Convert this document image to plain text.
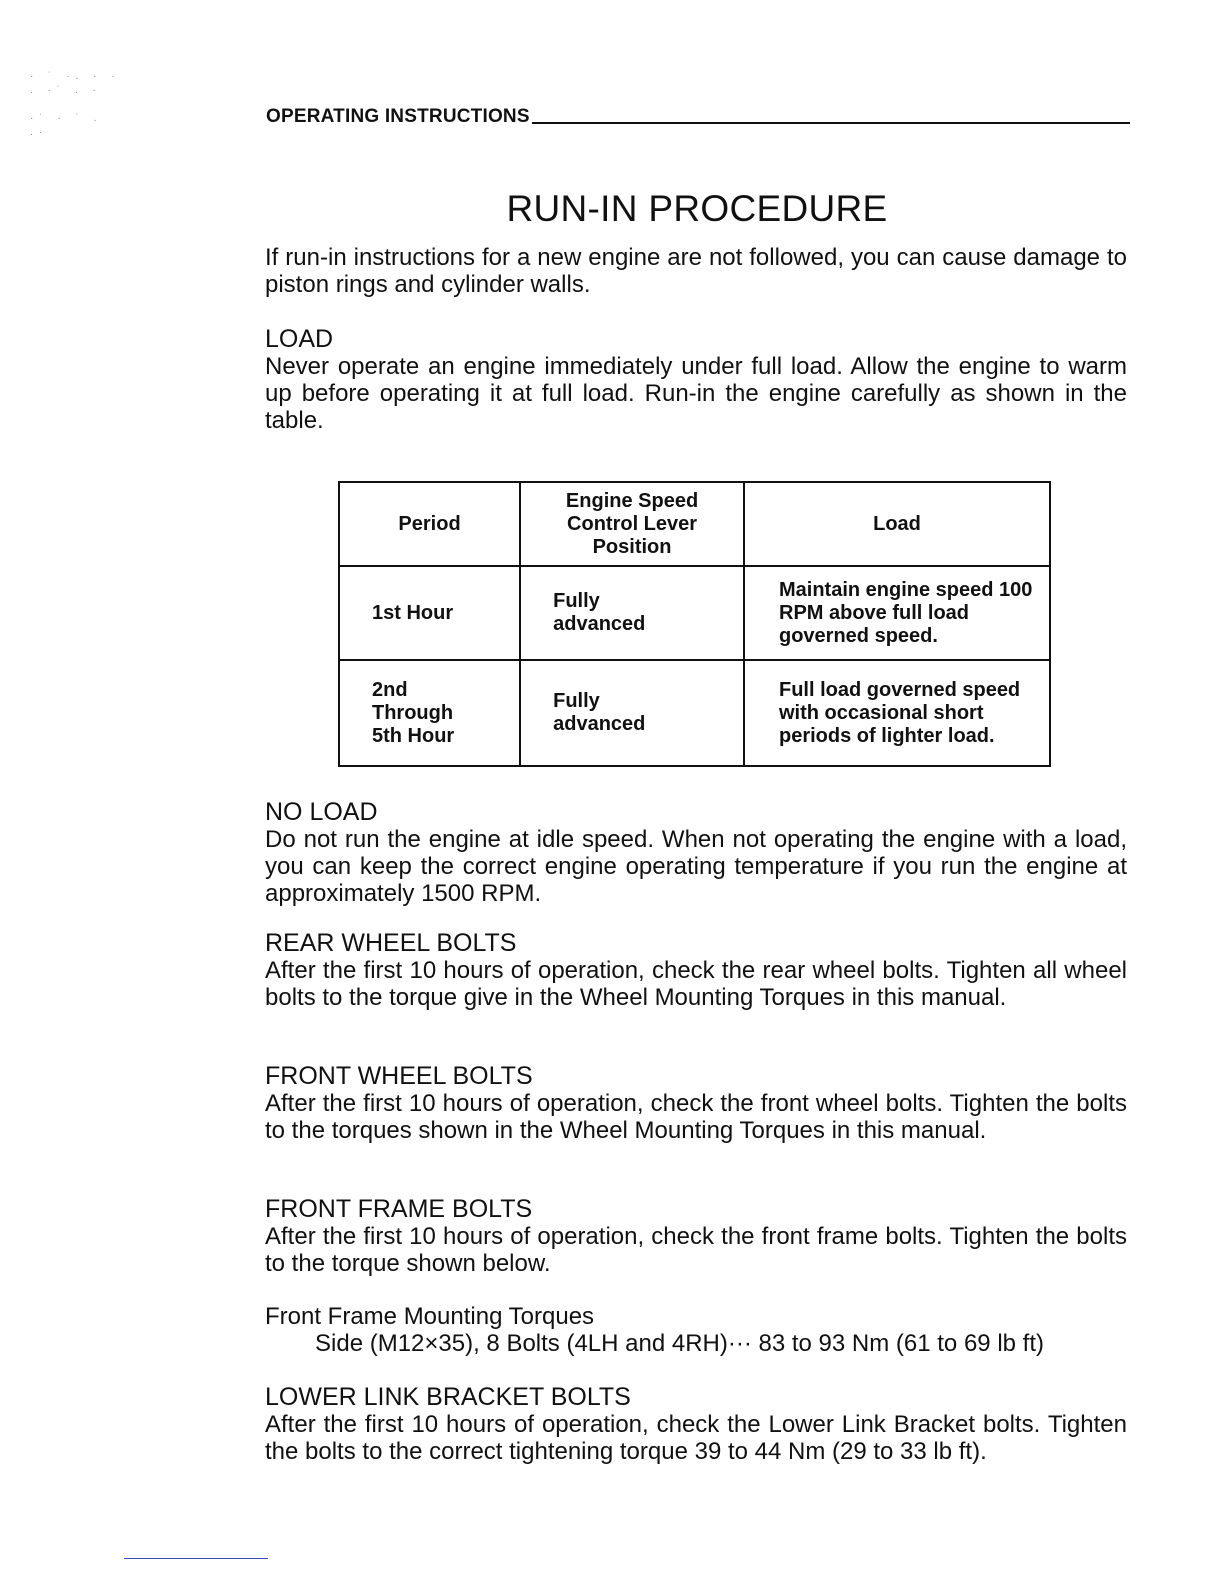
· ˙ ·. · ·
. ·˙ . ·

·˙ · ˙ .
.·
OPERATING INSTRUCTIONS
RUN-IN PROCEDURE

If run-in instructions for a new engine are not followed, you can cause damage to piston rings and cylinder walls.

LOAD

Never operate an engine immediately under full load. Allow the engine to warm up before operating it at full load. Run-in the engine carefully as shown in the table.

Period	Engine Speed Control Lever Position	Load
1st Hour	Fully advanced	Maintain engine speed 100 RPM above full load governed speed.

2nd Through 5th Hour	Fully advanced	Full load governed speed with occasional short periods of lighter load.

NO LOAD

Do not run the engine at idle speed. When not operating the engine with a load, you can keep the correct engine operating temperature if you run the engine at approximately 1500 RPM.

REAR WHEEL BOLTS

After the first 10 hours of operation, check the rear wheel bolts. Tighten all wheel bolts to the torque give in the Wheel Mounting Torques in this manual.

FRONT WHEEL BOLTS

After the first 10 hours of operation, check the front wheel bolts. Tighten the bolts to the torques shown in the Wheel Mounting Torques in this manual.

FRONT FRAME BOLTS

After the first 10 hours of operation, check the front frame bolts. Tighten the bolts to the torque shown below.

Front Frame Mounting Torques

Side (M12×35), 8 Bolts (4LH and 4RH)··· 83 to 93 Nm (61 to 69 lb ft)

LOWER LINK BRACKET BOLTS

After the first 10 hours of operation, check the Lower Link Bracket bolts. Tighten the bolts to the correct tightening torque 39 to 44 Nm (29 to 33 lb ft).
